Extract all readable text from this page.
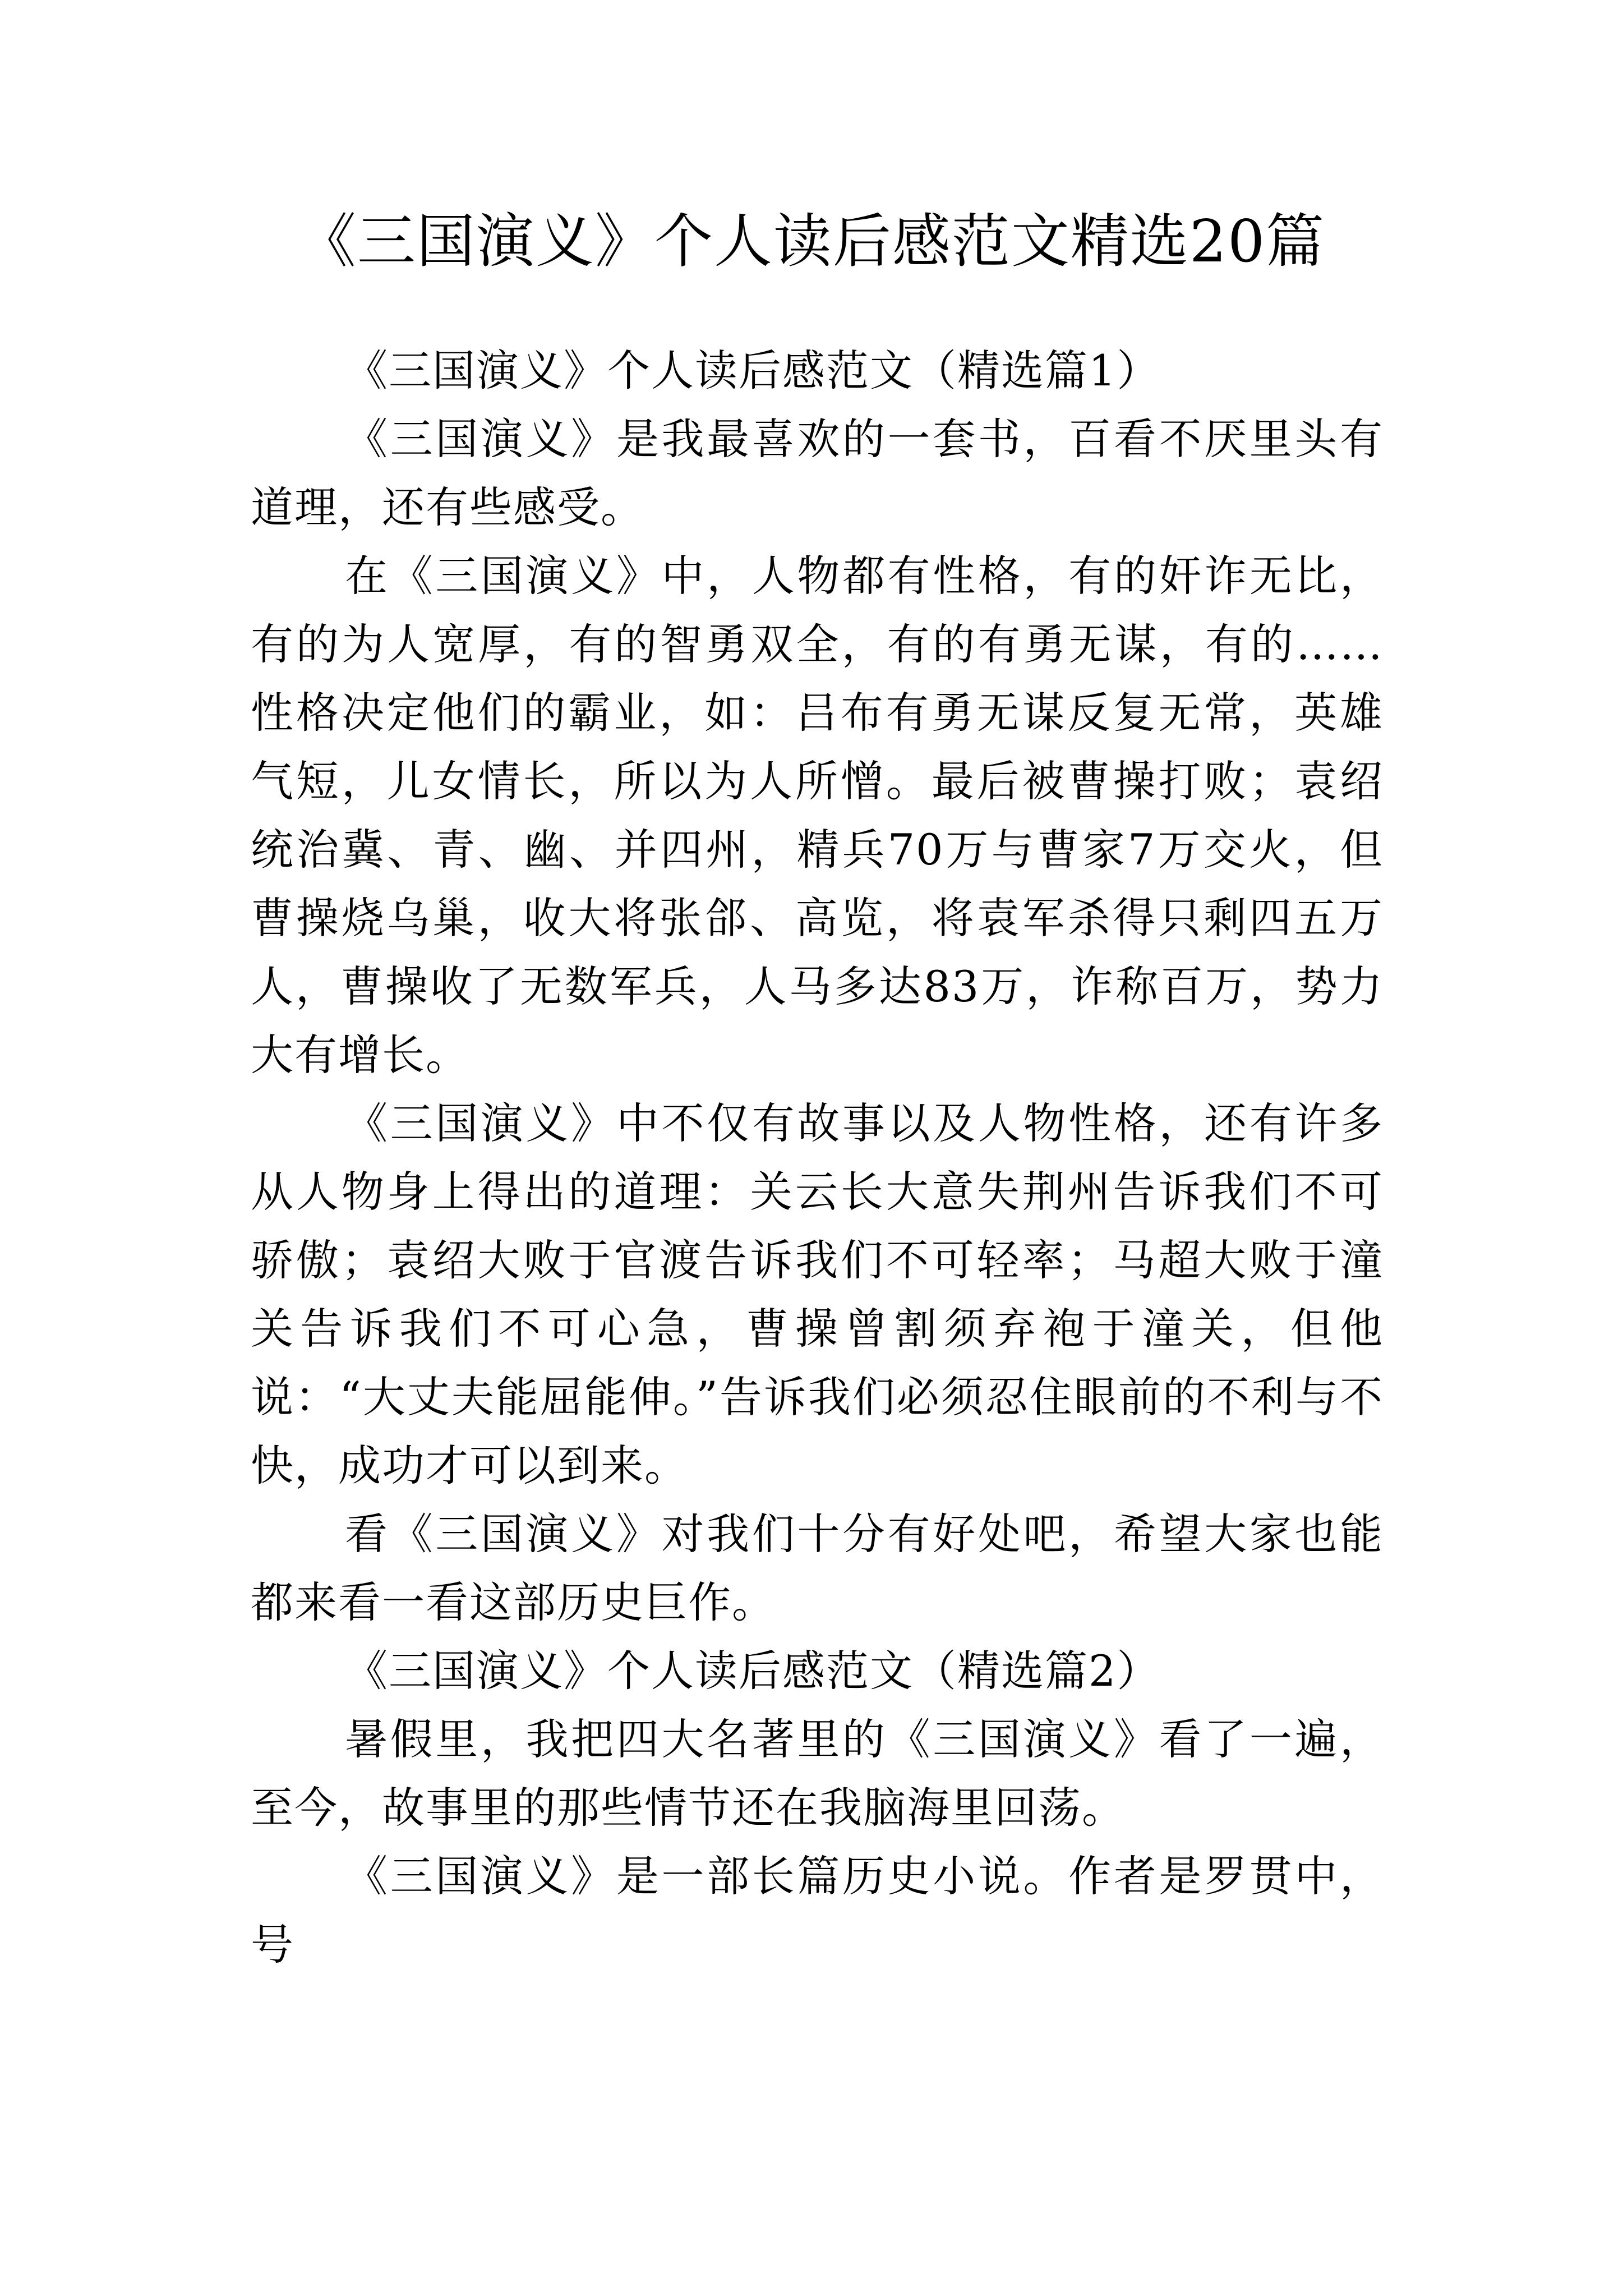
《三国演义》个人读后感范文精选20篇

《三国演义》个人读后感范文（精选篇1）

《三国演义》是我最喜欢的一套书，百看不厌里头有道理，还有些感受。

在《三国演义》中，人物都有性格，有的奸诈无比，有的为人宽厚，有的智勇双全，有的有勇无谋，有的……性格决定他们的霸业，如：吕布有勇无谋反复无常，英雄气短，儿女情长，所以为人所憎。最后被曹操打败；袁绍统治冀、青、幽、并四州，精兵70万与曹家7万交火，但曹操烧乌巢，收大将张郃、高览，将袁军杀得只剩四五万人，曹操收了无数军兵，人马多达83万，诈称百万，势力大有增长。

《三国演义》中不仅有故事以及人物性格，还有许多从人物身上得出的道理：关云长大意失荆州告诉我们不可骄傲；袁绍大败于官渡告诉我们不可轻率；马超大败于潼关告诉我们不可心急，曹操曾割须弃袍于潼关，但他说：“大丈夫能屈能伸。”告诉我们必须忍住眼前的不利与不快，成功才可以到来。

看《三国演义》对我们十分有好处吧，希望大家也能都来看一看这部历史巨作。

《三国演义》个人读后感范文（精选篇2）

暑假里，我把四大名著里的《三国演义》看了一遍，至今，故事里的那些情节还在我脑海里回荡。

《三国演义》是一部长篇历史小说。作者是罗贯中，号
